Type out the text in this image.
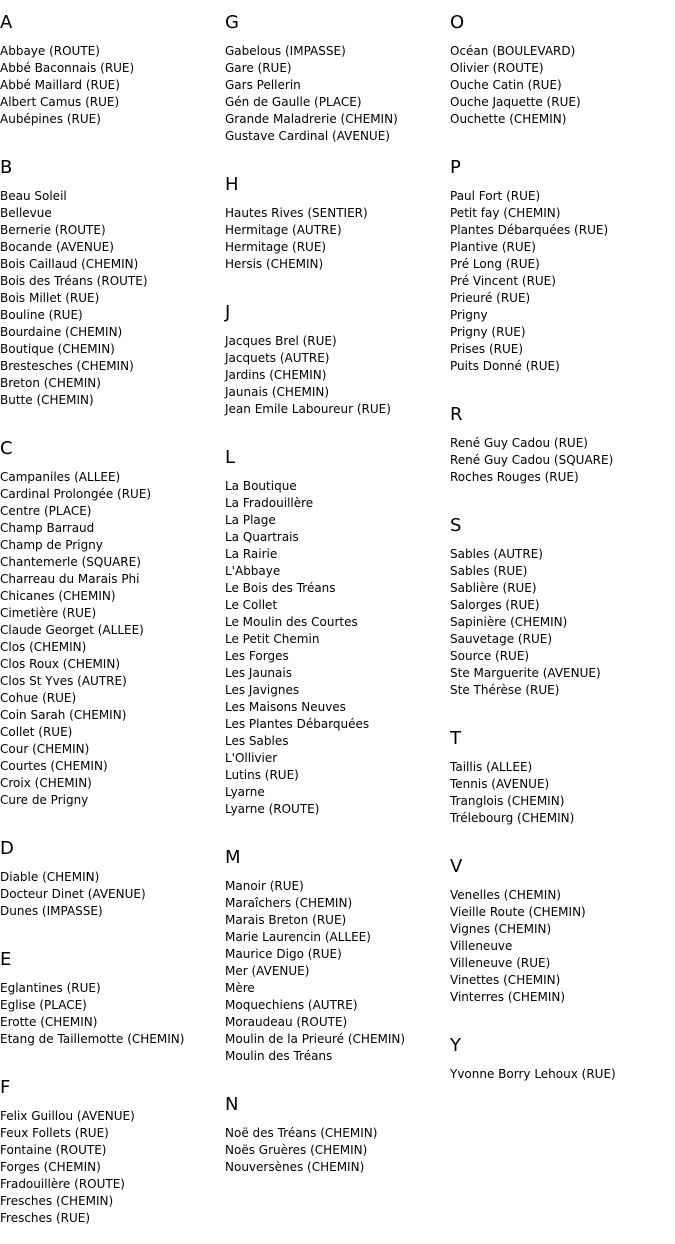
A
Abbaye (ROUTE)
Abbé Baconnais (RUE)
Abbé Maillard (RUE)
Albert Camus (RUE)
Aubépines (RUE)
B
Beau Soleil
Bellevue
Bernerie (ROUTE)
Bocande (AVENUE)
Bois Caillaud (CHEMIN)
Bois des Tréans (ROUTE)
Bois Millet (RUE)
Bouline (RUE)
Bourdaine (CHEMIN)
Boutique (CHEMIN)
Brestesches (CHEMIN)
Breton (CHEMIN)
Butte (CHEMIN)
C
Campaniles (ALLEE)
Cardinal Prolongée (RUE)
Centre (PLACE)
Champ Barraud
Champ de Prigny
Chantemerle (SQUARE)
Charreau du Marais Phi
Chicanes (CHEMIN)
Cimetière (RUE)
Claude Georget (ALLEE)
Clos (CHEMIN)
Clos Roux (CHEMIN)
Clos St Yves (AUTRE)
Cohue (RUE)
Coin Sarah (CHEMIN)
Collet (RUE)
Cour (CHEMIN)
Courtes (CHEMIN)
Croix (CHEMIN)
Cure de Prigny
D
Diable (CHEMIN)
Docteur Dinet (AVENUE)
Dunes (IMPASSE)
E
Eglantines (RUE)
Eglise (PLACE)
Erotte (CHEMIN)
Etang de Taillemotte (CHEMIN)
F
Felix Guillou (AVENUE)
Feux Follets (RUE)
Fontaine (ROUTE)
Forges (CHEMIN)
Fradouillère (ROUTE)
Fresches (CHEMIN)
Fresches (RUE)
G
Gabelous (IMPASSE)
Gare (RUE)
Gars Pellerin
Gén de Gaulle (PLACE)
Grande Maladrerie (CHEMIN)
Gustave Cardinal (AVENUE)
H
Hautes Rives (SENTIER)
Hermitage (AUTRE)
Hermitage (RUE)
Hersis (CHEMIN)
J
Jacques Brel (RUE)
Jacquets (AUTRE)
Jardins (CHEMIN)
Jaunais (CHEMIN)
Jean Emile Laboureur (RUE)
L
La Boutique
La Fradouillère
La Plage
La Quartrais
La Rairie
L'Abbaye
Le Bois des Tréans
Le Collet
Le Moulin des Courtes
Le Petit Chemin
Les Forges
Les Jaunais
Les Javignes
Les Maisons Neuves
Les Plantes Débarquées
Les Sables
L'Ollivier
Lutins (RUE)
Lyarne
Lyarne (ROUTE)
M
Manoir (RUE)
Maraîchers (CHEMIN)
Marais Breton (RUE)
Marie Laurencin (ALLEE)
Maurice Digo (RUE)
Mer (AVENUE)
Mère
Moquechiens (AUTRE)
Moraudeau (ROUTE)
Moulin de la Prieuré (CHEMIN)
Moulin des Tréans
N
Noë des Tréans (CHEMIN)
Noës Gruères (CHEMIN)
Nouversènes (CHEMIN)
O
Océan (BOULEVARD)
Olivier (ROUTE)
Ouche Catin (RUE)
Ouche Jaquette (RUE)
Ouchette (CHEMIN)
P
Paul Fort (RUE)
Petit fay (CHEMIN)
Plantes Débarquées (RUE)
Plantive (RUE)
Pré Long (RUE)
Pré Vincent (RUE)
Prieuré (RUE)
Prigny
Prigny (RUE)
Prises (RUE)
Puits Donné (RUE)
R
René Guy Cadou (RUE)
René Guy Cadou (SQUARE)
Roches Rouges (RUE)
S
Sables (AUTRE)
Sables (RUE)
Sablière (RUE)
Salorges (RUE)
Sapinière (CHEMIN)
Sauvetage (RUE)
Source (RUE)
Ste Marguerite (AVENUE)
Ste Thérèse (RUE)
T
Taillis (ALLEE)
Tennis (AVENUE)
Tranglois (CHEMIN)
Trélebourg (CHEMIN)
V
Venelles (CHEMIN)
Vieille Route (CHEMIN)
Vignes (CHEMIN)
Villeneuve
Villeneuve (RUE)
Vinettes (CHEMIN)
Vinterres (CHEMIN)
Y
Yvonne Borry Lehoux (RUE)
